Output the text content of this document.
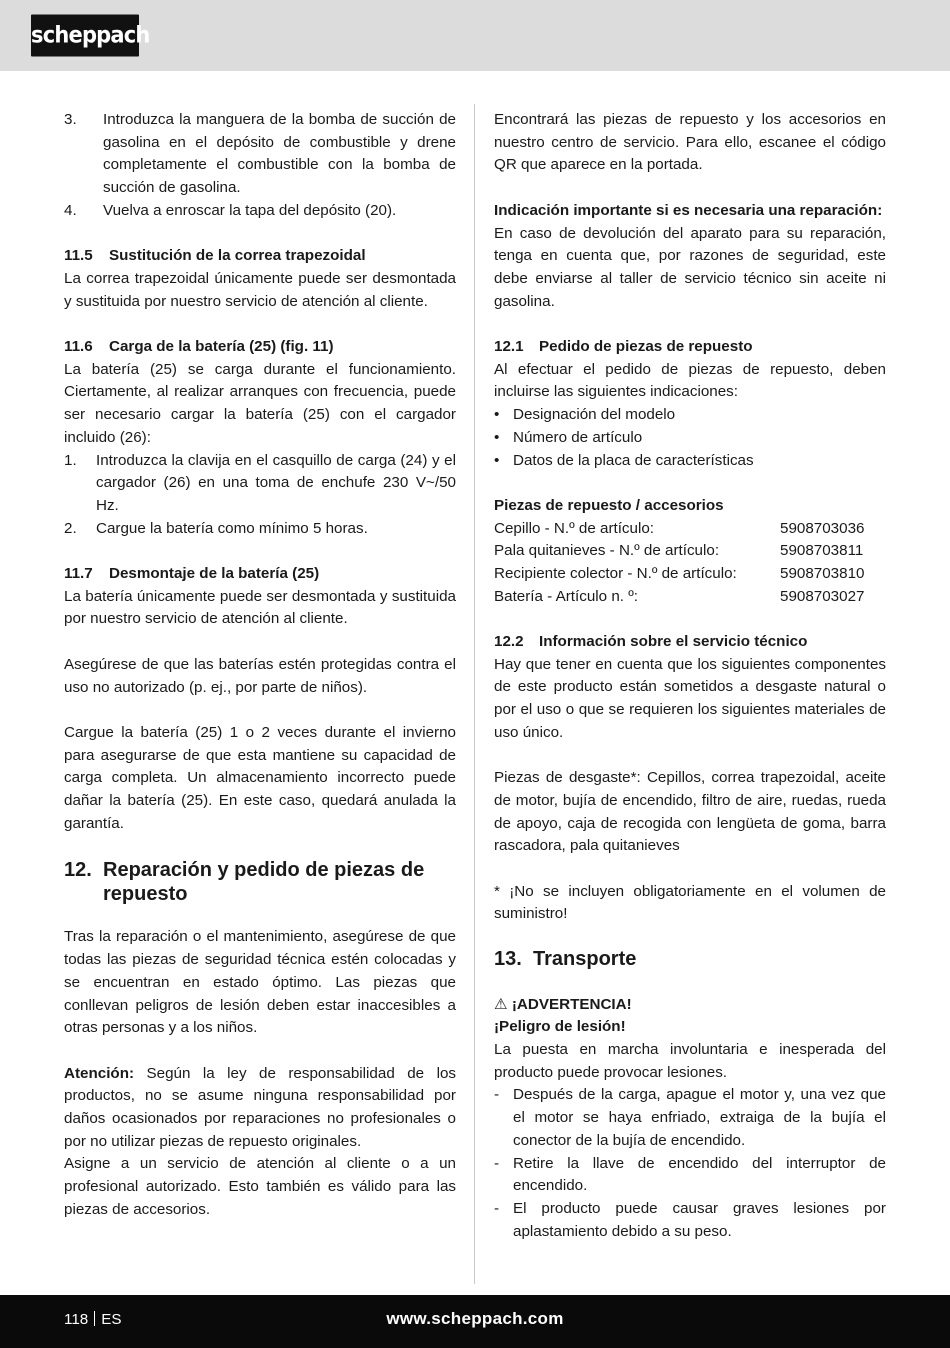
scheppach
3. Introduzca la manguera de la bomba de succión de gasolina en el depósito de combustible y drene completamente el combustible con la bomba de succión de gasolina.
4. Vuelva a enroscar la tapa del depósito (20).
11.5 Sustitución de la correa trapezoidal

La correa trapezoidal únicamente puede ser desmontada y sustituida por nuestro servicio de atención al cliente.

11.6 Carga de la batería (25) (fig. 11)

La batería (25) se carga durante el funcionamiento. Ciertamente, al realizar arranques con frecuencia, puede ser necesario cargar la batería (25) con el cargador incluido (26):

1. Introduzca la clavija en el casquillo de carga (24) y el cargador (26) en una toma de enchufe 230 V~/50 Hz.
2. Cargue la batería como mínimo 5 horas.
11.7 Desmontaje de la batería (25)

La batería únicamente puede ser desmontada y sustituida por nuestro servicio de atención al cliente.

Asegúrese de que las baterías estén protegidas contra el uso no autorizado (p. ej., por parte de niños).

Cargue la batería (25) 1 o 2 veces durante el invierno para asegurarse de que esta mantiene su capacidad de carga completa. Un almacenamiento incorrecto puede dañar la batería (25). En este caso, quedará anulada la garantía.

12. Reparación y pedido de piezas de repuesto

Tras la reparación o el mantenimiento, asegúrese de que todas las piezas de seguridad técnica estén colocadas y se encuentran en estado óptimo. Las piezas que conllevan peligros de lesión deben estar inaccesibles a otras personas y a los niños.

Atención: Según la ley de responsabilidad de los productos, no se asume ninguna responsabilidad por daños ocasionados por reparaciones no profesionales o por no utilizar piezas de repuesto originales.

Asigne a un servicio de atención al cliente o a un profesional autorizado. Esto también es válido para las piezas de accesorios.

Encontrará las piezas de repuesto y los accesorios en nuestro centro de servicio. Para ello, escanee el código QR que aparece en la portada.

Indicación importante si es necesaria una reparación:

En caso de devolución del aparato para su reparación, tenga en cuenta que, por razones de seguridad, este debe enviarse al taller de servicio técnico sin aceite ni gasolina.

12.1 Pedido de piezas de repuesto

Al efectuar el pedido de piezas de repuesto, deben incluirse las siguientes indicaciones:

• Designación del modelo
• Número de artículo
• Datos de la placa de características
Piezas de repuesto / accesorios
Cepillo - N.º de artículo:	5908703036
Pala quitanieves - N.º de artículo:	5908703811
Recipiente colector - N.º de artículo:	5908703810
Batería - Artículo n. º:	5908703027
12.2 Información sobre el servicio técnico

Hay que tener en cuenta que los siguientes componentes de este producto están sometidos a desgaste natural o por el uso o que se requieren los siguientes materiales de uso único.

Piezas de desgaste*: Cepillos, correa trapezoidal, aceite de motor, bujía de encendido, filtro de aire, ruedas, rueda de apoyo, caja de recogida con lengüeta de goma, barra rascadora, pala quitanieves

* ¡No se incluyen obligatoriamente en el volumen de suministro!

13. Transporte
⚠ ¡ADVERTENCIA!
¡Peligro de lesión!

La puesta en marcha involuntaria e inesperada del producto puede provocar lesiones.

- Después de la carga, apague el motor y, una vez que el motor se haya enfriado, extraiga de la bujía el conector de la bujía de encendido.
- Retire la llave de encendido del interruptor de encendido.
- El producto puede causar graves lesiones por aplastamiento debido a su peso.
118 ES	www.scheppach.com
